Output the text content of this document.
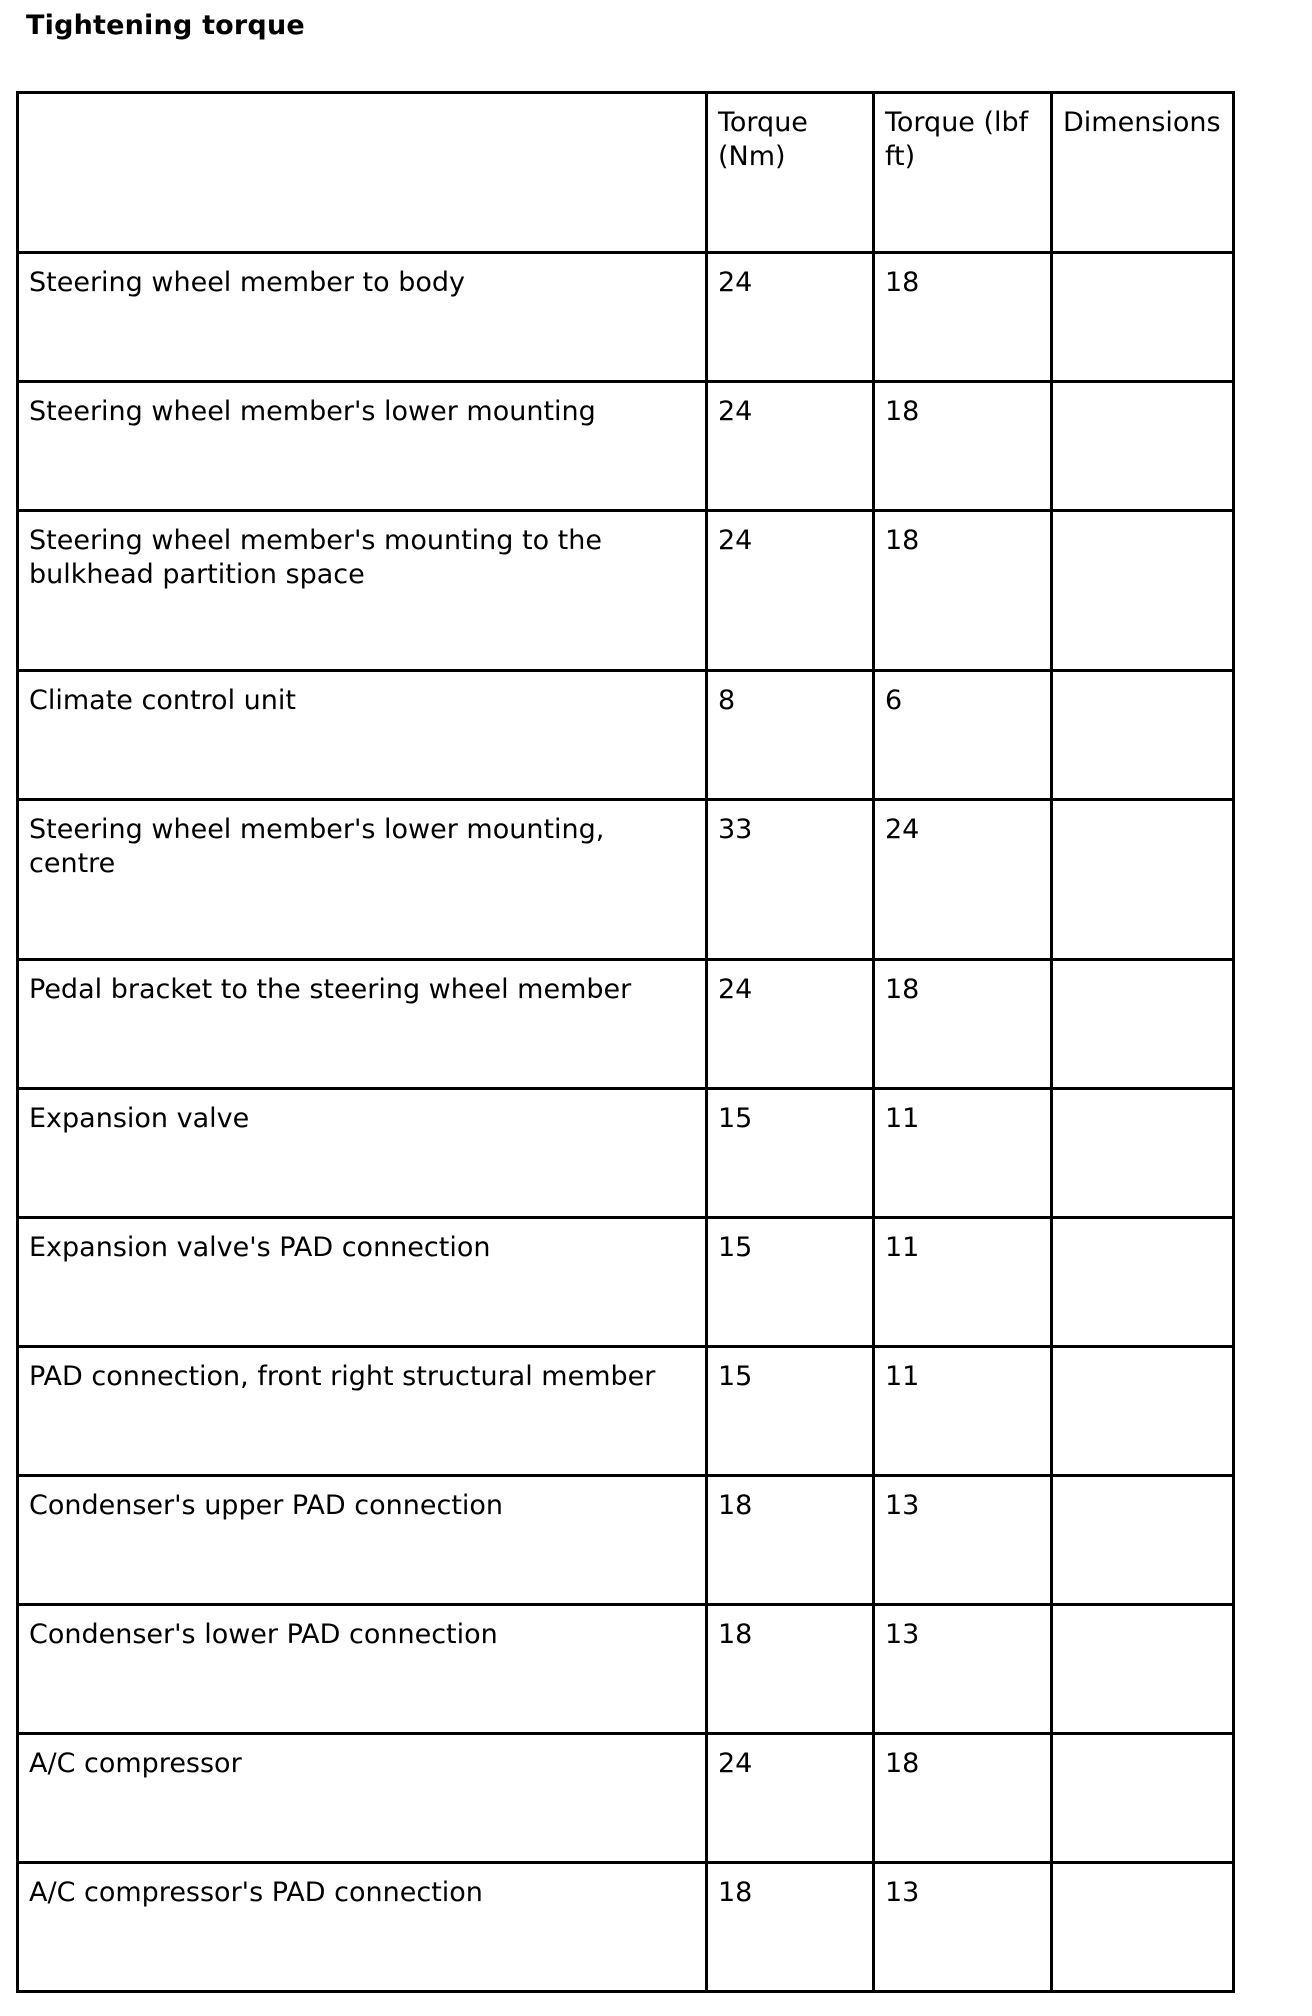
Tightening torque
	Torque (Nm)	Torque (lbf ft)	Dimensions
Steering wheel member to body	24	18	
Steering wheel member's lower mounting	24	18	
Steering wheel member's mounting to the bulkhead partition space	24	18	
Climate control unit	8	6	
Steering wheel member's lower mounting, centre	33	24	
Pedal bracket to the steering wheel member	24	18	
Expansion valve	15	11	
Expansion valve's PAD connection	15	11	
PAD connection, front right structural member	15	11	
Condenser's upper PAD connection	18	13	
Condenser's lower PAD connection	18	13	
A/C compressor	24	18	
A/C compressor's PAD connection	18	13	
